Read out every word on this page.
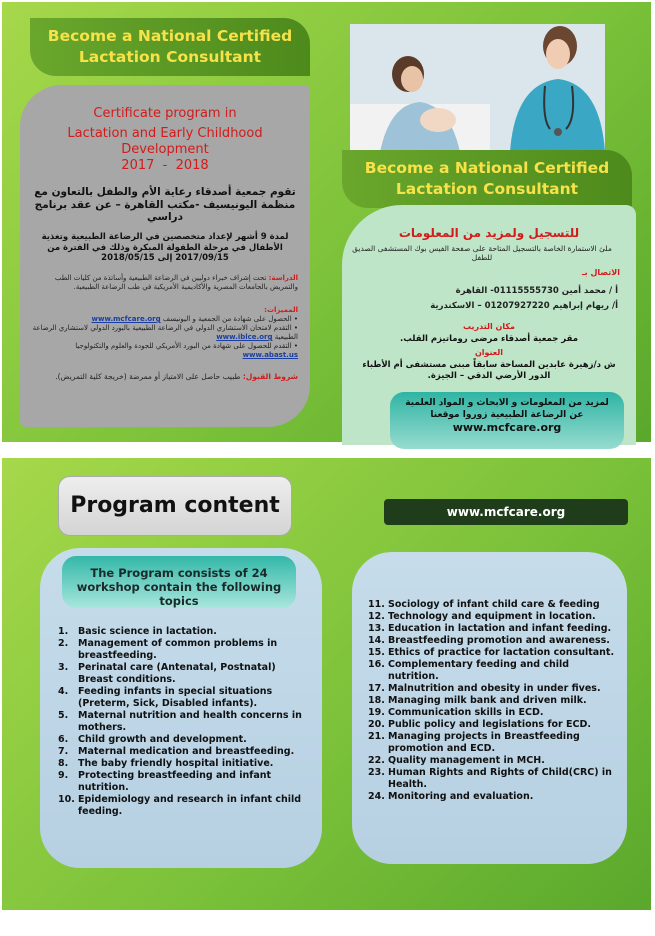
Become a National Certified Lactation Consultant
Certificate program in
Lactation and Early Childhood Development
2017  -  2018
تقوم جمعية أصدقاء رعاية الأم والطفل بالتعاون مع منظمة اليونيسيف -مكتب القاهرة – عن عقد برنامج دراسي
لمدة 9 أشهر لإعداد متخصصين في الرضاعة الطبيعية وتغذية الأطفال في مرحلة الطفولة المبكرة وذلك في الفترة من 2017/09/15 إلى 2018/05/15
الدراسة: تحت إشراف خبراء دوليين في الرضاعة الطبيعية وأساتذة من كليات الطب والتمريض بالجامعات المصرية والأكاديمية الأمريكية في طب الرضاعة الطبيعية.
المميزات:
• الحصول على شهادة من الجمعية و اليونيسف www.mcfcare.org
• التقدم لامتحان الاستشاري الدولي في الرضاعة الطبيعية بالبورد الدولي لاستشاري الرضاعة الطبيعية www.iblce.org
• التقدم للحصول على شهادة من البورد الأمريكي للجودة والعلوم والتكنولوجيا www.abast.us
شروط القبول: طبيب حاصل على الامتياز أو ممرضة (خريجة كلية التمريض).
Become a National Certified Lactation Consultant
للتسجيل ولمزيد من المعلومات
ملئ الاستمارة الخاصة بالتسجيل المتاحة على صفحة الفيس بوك المستشفى الصديق للطفل
الاتصال بـ
أ / محمد أمين 01115555730- القاهرة
أ/ ريهام إبراهيم 01207927220 – الاسكندرية
مكان التدريب
مقر جمعية أصدقاء مرضى روماتيزم القلب.
العنوان
ش د/زهيرة عابدين المساحة سابقاً مبنى مستشفى أم الأطباء الدور الأرضي الدقي – الجيزة.
لمزيد من المعلومات و الابحاث و المواد العلمية عن الرضاعة الطبيعية زوروا موقعنا
www.mcfcare.org
Program content	www.mcfcare.org
The Program consists of 24 workshop contain the following topics
1. Basic science in lactation.
2. Management of common problems in breastfeeding.
3. Perinatal care (Antenatal, Postnatal) Breast conditions.
4. Feeding infants in special situations (Preterm, Sick, Disabled infants).
5. Maternal nutrition and health concerns in mothers.
6. Child growth and development.
7. Maternal medication and breastfeeding.
8. The baby friendly hospital initiative.
9. Protecting breastfeeding and infant nutrition.
10. Epidemiology and research in infant child feeding.
11. Sociology of infant child care & feeding
12. Technology and equipment in location.
13. Education in lactation and infant feeding.
14. Breastfeeding promotion and awareness.
15. Ethics of practice for lactation consultant.
16. Complementary feeding and child nutrition.
17. Malnutrition and obesity in under fives.
18. Managing milk bank and driven milk.
19. Communication skills in ECD.
20. Public policy and legislations for ECD.
21. Managing projects in Breastfeeding promotion and ECD.
22. Quality management in MCH.
23. Human Rights and Rights of Child(CRC) in Health.
24. Monitoring and evaluation.
